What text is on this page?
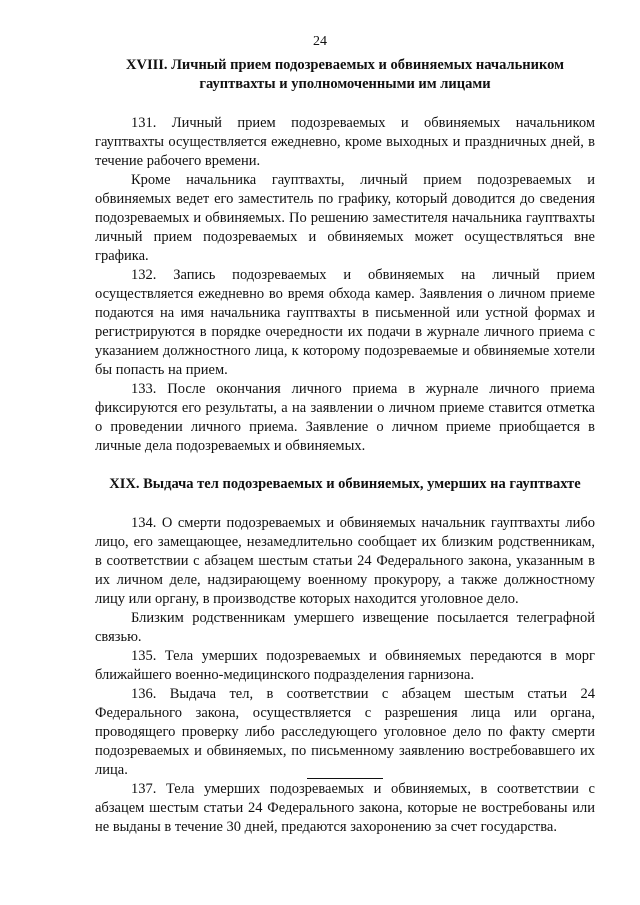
24
XVIII. Личный прием подозреваемых и обвиняемых начальником
гауптвахты и уполномоченными им лицами

131. Личный прием подозреваемых и обвиняемых начальником гауптвахты осуществляется ежедневно, кроме выходных и праздничных дней, в течение рабочего времени.

Кроме начальника гауптвахты, личный прием подозреваемых и обвиняемых ведет его заместитель по графику, который доводится до сведения подозреваемых и обвиняемых. По решению заместителя начальника гауптвахты личный прием подозреваемых и обвиняемых может осуществляться вне графика.

132. Запись подозреваемых и обвиняемых на личный прием осуществляется ежедневно во время обхода камер. Заявления о личном приеме подаются на имя начальника гауптвахты в письменной или устной формах и регистрируются в порядке очередности их подачи в журнале личного приема с указанием должностного лица, к которому подозреваемые и обвиняемые хотели бы попасть на прием.

133. После окончания личного приема в журнале личного приема фиксируются его результаты, а на заявлении о личном приеме ставится отметка о проведении личного приема. Заявление о личном приеме приобщается в личные дела подозреваемых и обвиняемых.

XIX. Выдача тел подозреваемых и обвиняемых, умерших на гауптвахте

134. О смерти подозреваемых и обвиняемых начальник гауптвахты либо лицо, его замещающее, незамедлительно сообщает их близким родственникам, в соответствии с абзацем шестым статьи 24 Федерального закона, указанным в их личном деле, надзирающему военному прокурору, а также должностному лицу или органу, в производстве которых находится уголовное дело.

Близким родственникам умершего извещение посылается телеграфной связью.

135. Тела умерших подозреваемых и обвиняемых передаются в морг ближайшего военно-медицинского подразделения гарнизона.

136. Выдача тел, в соответствии с абзацем шестым статьи 24 Федерального закона, осуществляется с разрешения лица или органа, проводящего проверку либо расследующего уголовное дело по факту смерти подозреваемых и обвиняемых, по письменному заявлению востребовавшего их лица.

137. Тела умерших подозреваемых и обвиняемых, в соответствии с абзацем шестым статьи 24 Федерального закона, которые не востребованы или не выданы в течение 30 дней, предаются захоронению за счет государства.
